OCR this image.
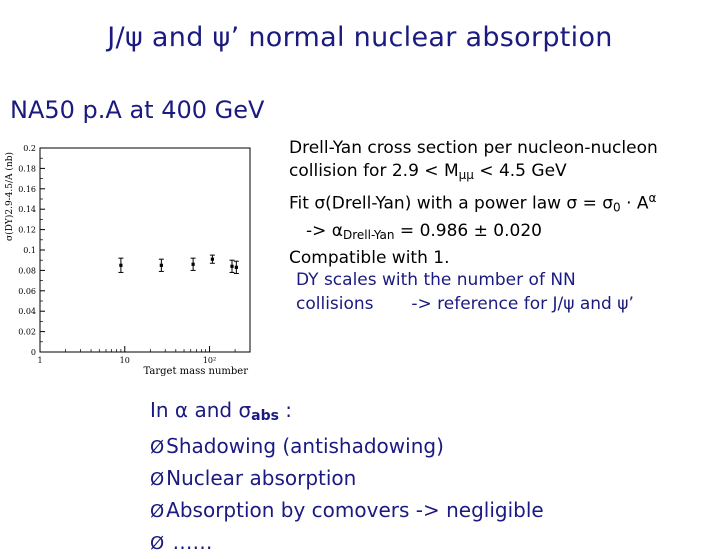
J/ψ and ψ’ normal nuclear absorption
NA50 p.A at 400 GeV
0
0.02
0.04
0.06
0.08
0.1
0.12
0.14
0.16
0.18
0.2
1	10	10²
Target mass number
σ(DY)2.9-4.5/A (nb)
Drell-Yan cross section per nucleon-nucleon
collision for $2.9 < M_{\mu\mu} < 4.5$ GeV
Fit σ(Drell-Yan) with a power law $\sigma = \sigma_0 \cdot A^\alpha$
-> $\alpha_{Drell-Yan} = 0.986 \pm 0.020$
Compatible with 1.
DY scales with the number of NN
collisions       -> reference for J/ψ and ψ’
In α and $\sigma_{abs}$ :
Ø Shadowing (antishadowing)
Ø Nuclear absorption
Ø Absorption by comovers -> negligible
Ø ……
